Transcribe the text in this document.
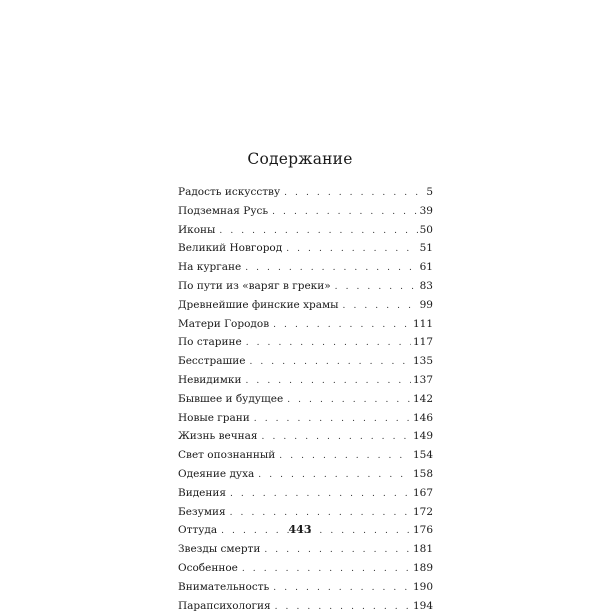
Содержание
Радость искусству . . .	5
Подземная Русь . . .	39
Иконы . . .	50
Великий Новгород . . .	51
На кургане . . .	61
По пути из «варяг в греки» . . .	83
Древнейшие финские храмы . . .	99
Матери Городов . . .	111
По старине . . .	117
Бесстрашие . . .	135
Невидимки . . .	137
Бывшее и будущее . . .	142
Новые грани . . .	146
Жизнь вечная . . .	149
Свет опознанный . . .	154
Одеяние духа . . .	158
Видения . . .	167
Безумия . . .	172
Оттуда . . .	176
Звезды смерти . . .	181
Особенное . . .	189
Внимательность . . .	190
Парапсихология . . .	194

443
